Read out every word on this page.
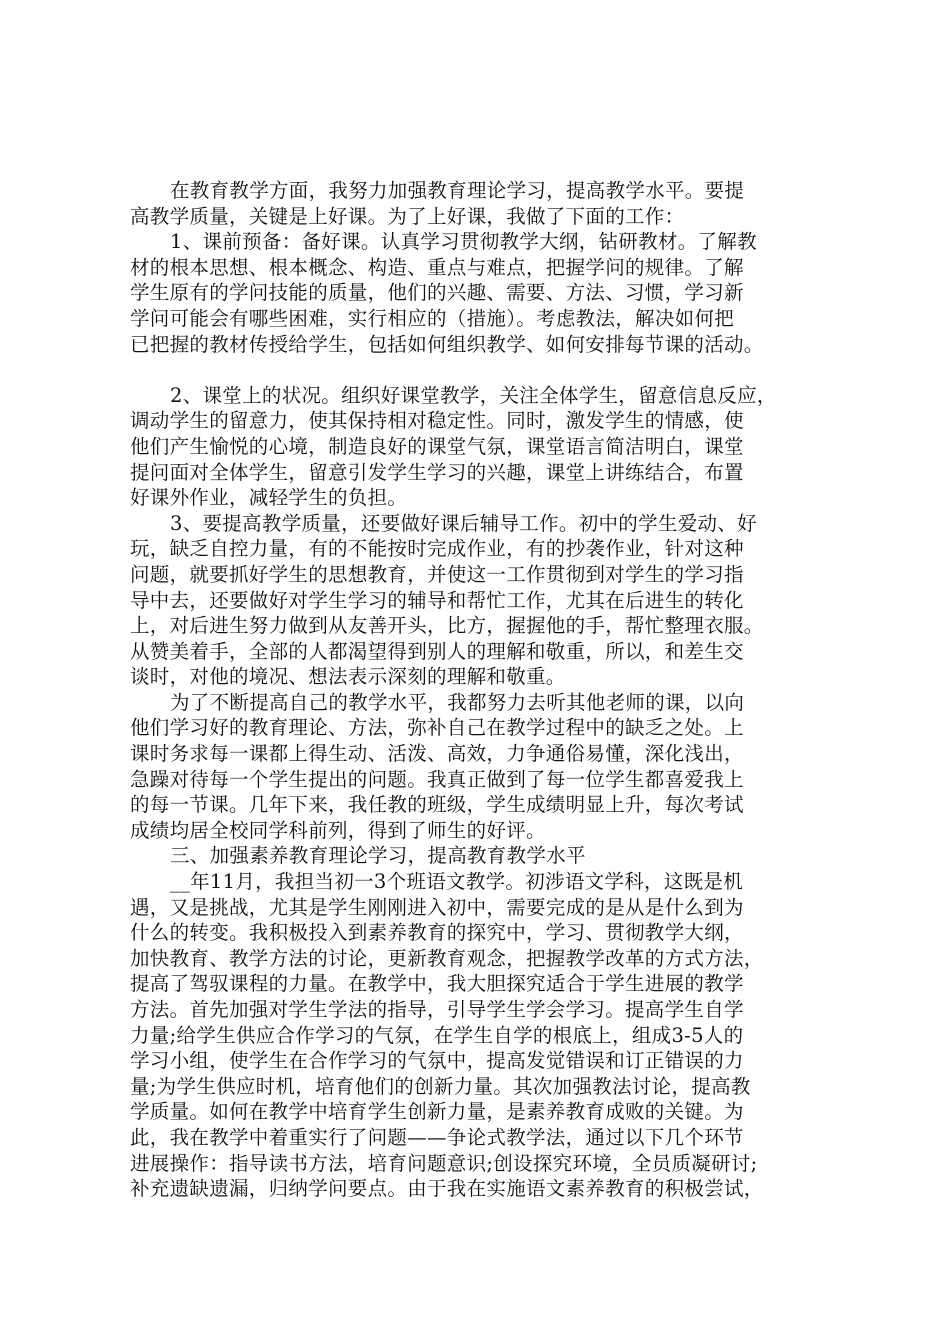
在教育教学方面，我努力加强教育理论学习，提高教学水平。要提
高教学质量，关键是上好课。为了上好课，我做了下面的工作：
1、课前预备：备好课。认真学习贯彻教学大纲，钻研教材。了解教
材的根本思想、根本概念、构造、重点与难点，把握学问的规律。了解
学生原有的学问技能的质量，他们的兴趣、需要、方法、习惯，学习新
学问可能会有哪些困难，实行相应的（措施）。考虑教法，解决如何把
已把握的教材传授给学生，包括如何组织教学、如何安排每节课的活动。
2、课堂上的状况。组织好课堂教学，关注全体学生，留意信息反应，
调动学生的留意力，使其保持相对稳定性。同时，激发学生的情感，使
他们产生愉悦的心境，制造良好的课堂气氛，课堂语言简洁明白，课堂
提问面对全体学生，留意引发学生学习的兴趣，课堂上讲练结合，布置
好课外作业，减轻学生的负担。
3、要提高教学质量，还要做好课后辅导工作。初中的学生爱动、好
玩，缺乏自控力量，有的不能按时完成作业，有的抄袭作业，针对这种
问题，就要抓好学生的思想教育，并使这一工作贯彻到对学生的学习指
导中去，还要做好对学生学习的辅导和帮忙工作，尤其在后进生的转化
上，对后进生努力做到从友善开头，比方，握握他的手，帮忙整理衣服。
从赞美着手，全部的人都渴望得到别人的理解和敬重，所以，和差生交
谈时，对他的境况、想法表示深刻的理解和敬重。
为了不断提高自己的教学水平，我都努力去听其他老师的课，以向
他们学习好的教育理论、方法，弥补自己在教学过程中的缺乏之处。上
课时务求每一课都上得生动、活泼、高效，力争通俗易懂，深化浅出，
急躁对待每一个学生提出的问题。我真正做到了每一位学生都喜爱我上
的每一节课。几年下来，我任教的班级，学生成绩明显上升，每次考试
成绩均居全校同学科前列，得到了师生的好评。
三、加强素养教育理论学习，提高教育教学水平
__年11月，我担当初一3个班语文教学。初涉语文学科，这既是机
遇，又是挑战，尤其是学生刚刚进入初中，需要完成的是从是什么到为
什么的转变。我积极投入到素养教育的探究中，学习、贯彻教学大纲，
加快教育、教学方法的讨论，更新教育观念，把握教学改革的方式方法，
提高了驾驭课程的力量。在教学中，我大胆探究适合于学生进展的教学
方法。首先加强对学生学法的指导，引导学生学会学习。提高学生自学
力量;给学生供应合作学习的气氛，在学生自学的根底上，组成3-5人的
学习小组，使学生在合作学习的气氛中，提高发觉错误和订正错误的力
量;为学生供应时机，培育他们的创新力量。其次加强教法讨论，提高教
学质量。如何在教学中培育学生创新力量，是素养教育成败的关键。为
此，我在教学中着重实行了问题——争论式教学法，通过以下几个环节
进展操作：指导读书方法，培育问题意识;创设探究环境，全员质凝研讨;
补充遗缺遗漏，归纳学问要点。由于我在实施语文素养教育的积极尝试，
